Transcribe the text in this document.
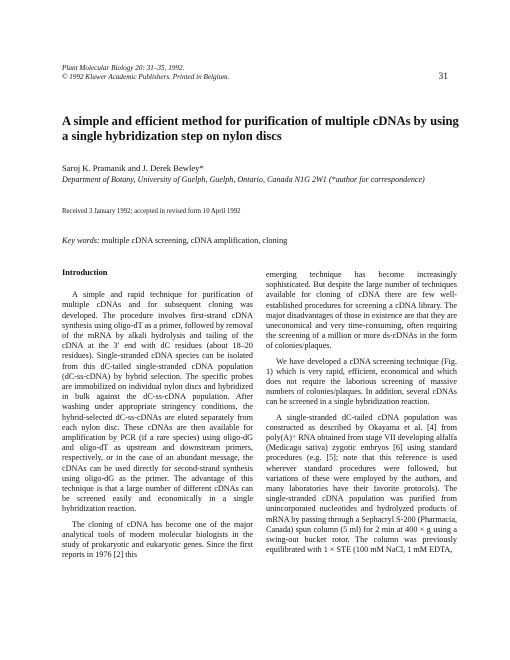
Plant Molecular Biology 20: 31–35, 1992.
© 1992 Kluwer Academic Publishers. Printed in Belgium.	31
A simple and efficient method for purification of multiple cDNAs by using a single hybridization step on nylon discs
Saroj K. Pramanik and J. Derek Bewley*
Department of Botany, University of Guelph, Guelph, Ontario, Canada N1G 2W1 (*author for correspondence)
Received 3 January 1992; accepted in revised form 10 April 1992
Key words: multiple cDNA screening, cDNA amplification, cloning
Introduction

A simple and rapid technique for purification of multiple cDNAs and for subsequent cloning was developed. The procedure involves first-strand cDNA synthesis using oligo-dT as a primer, followed by removal of the mRNA by alkali hydrolysis and tailing of the cDNA at the 3′ end with dC residues (about 18–20 residues). Single-stranded cDNA species can be isolated from this dC-tailed single-stranded cDNA population (dC-ss-cDNA) by hybrid selection. The specific probes are immobilized on individual nylon discs and hybridized in bulk against the dC-ss-cDNA population. After washing under appropriate stringency conditions, the hybrid-selected dC-ss-cDNAs are eluted separately from each nylon disc. These cDNAs are then available for amplification by PCR (if a rare species) using oligo-dG and oligo-dT as upstream and downstream primers, respectively, or in the case of an abundant message, the cDNAs can be used directly for second-strand synthesis using oligo-dG as the primer. The advantage of this technique is that a large number of different cDNAs can be screened easily and economically in a single hybridization reaction.

The cloning of cDNA has become one of the major analytical tools of modern molecular biologists in the study of prokaryotic and eukaryotic genes. Since the first reports in 1976 [2] this

emerging technique has become increasingly sophisticated. But despite the large number of techniques available for cloning of cDNA there are few well-established procedures for screening a cDNA library. The major disadvantages of those in existence are that they are uneconomical and very time-consuming, often requiring the screening of a million or more ds-cDNAs in the form of colonies/plaques.

We have developed a cDNA screening technique (Fig. 1) which is very rapid, efficient, economical and which does not require the laborious screening of massive numbers of colonies/plaques. In addition, several cDNAs can be screened in a single hybridization reaction.

A single-stranded dC-tailed cDNA population was constructed as described by Okayama et al. [4] from poly(A)⁺ RNA obtained from stage VII developing alfalfa (Medicago sativa) zygotic embryos [6] using standard procedures (e.g. [5]; note that this reference is used wherever standard procedures were followed, but variations of these were employed by the authors, and many laboratories have their favorite protocols). The single-stranded cDNA population was purified from unincorporated nucleotides and hydrolyzed products of mRNA by passing through a Sephacryl S-200 (Pharmacia, Canada) spun column (5 ml) for 2 min at 400 × g using a swing-out bucket rotor. The column was previously equilibrated with 1 × STE (100 mM NaCl, 1 mM EDTA,
